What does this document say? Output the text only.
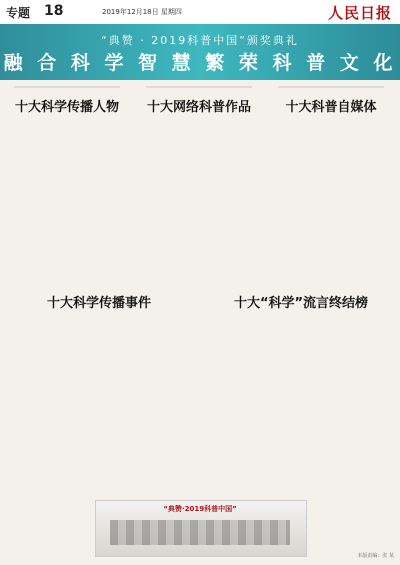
专题 18	2019年12月18日 星期四	人民日报
“典赞 · 2019科普中国”颁奖典礼
融 合 科 学 智 慧 繁 荣 科 普 文 化
十大科学传播人物	十大网络科普作品	十大科普自媒体
十大科学传播事件	十大“科学”流言终结榜
“典赞·2019科普中国”
本版责编：张 某
